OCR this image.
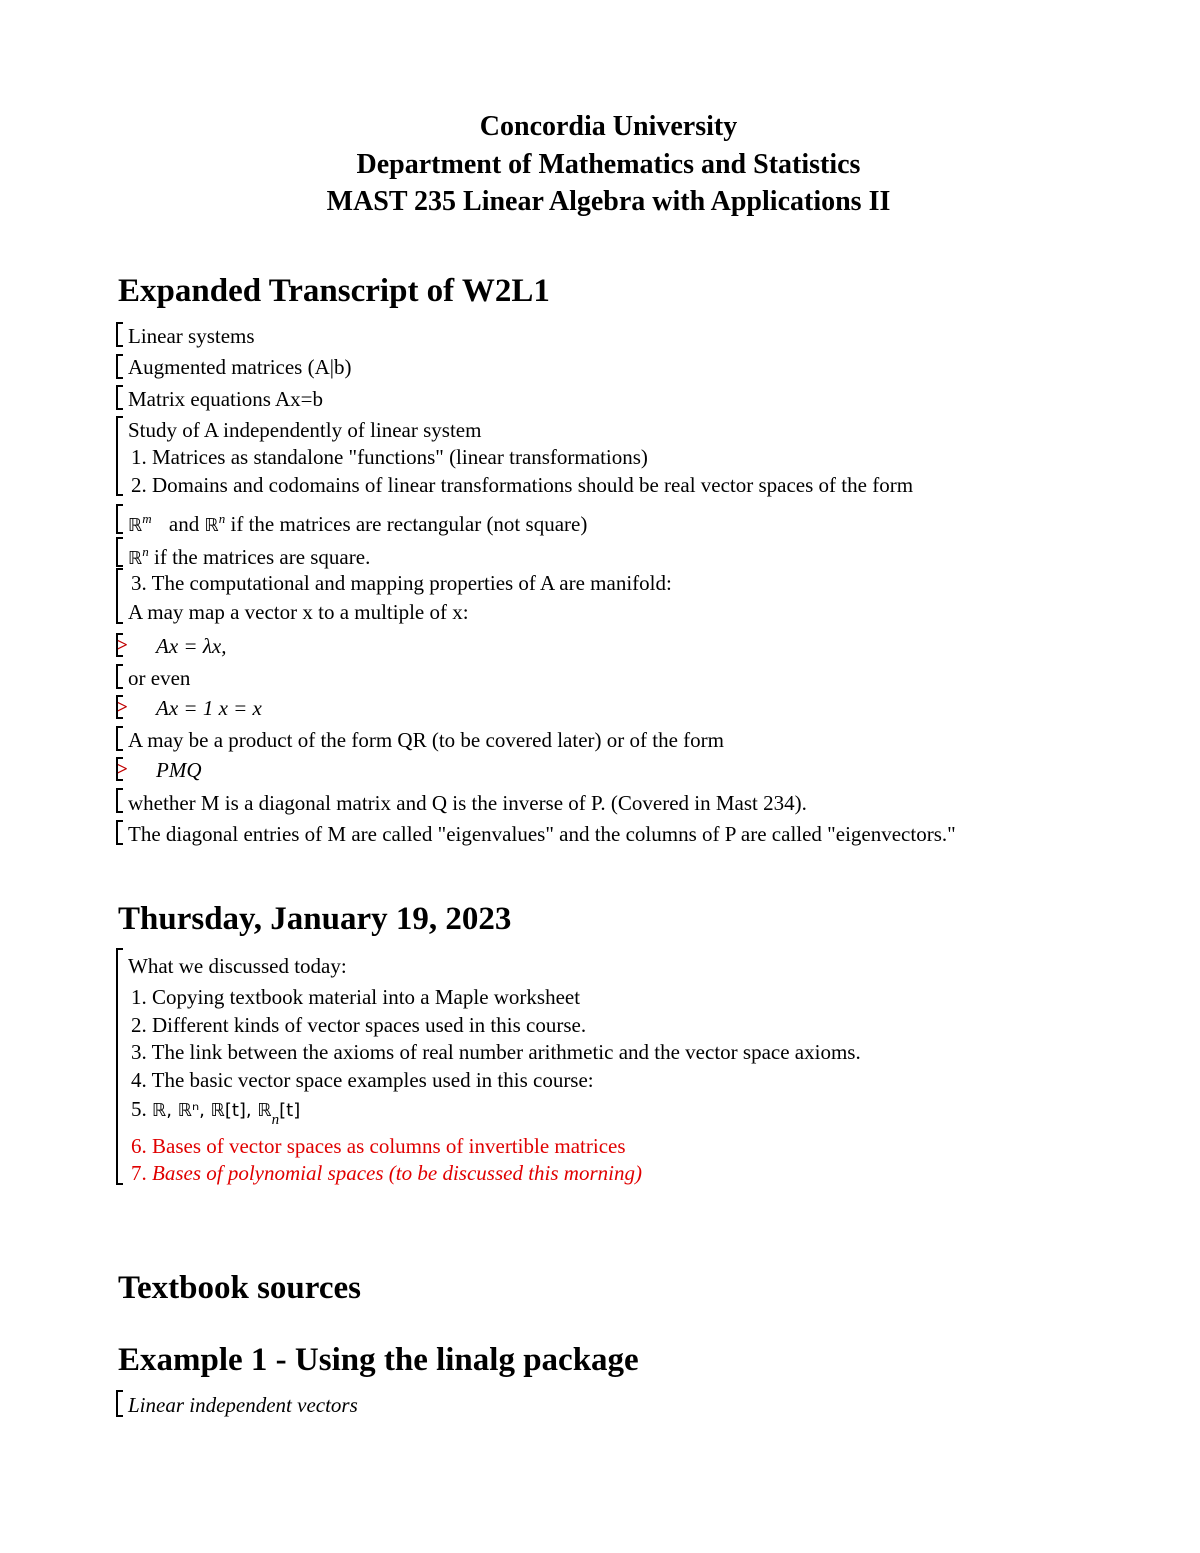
Concordia University
Department of Mathematics and Statistics
MAST 235 Linear Algebra with Applications II
Expanded Transcript of W2L1
Linear systems
Augmented matrices (A|b)
Matrix equations Ax=b
Study of A independently of linear system
1. Matrices as standalone "functions" (linear transformations)
2. Domains and codomains of linear transformations should be real vector spaces of the form
ℝ$^m$ and ℝ$^n$ if the matrices are rectangular (not square)
ℝ$^n$ if the matrices are square.
3. The computational and mapping properties of A are manifold:
A may map a vector x to a multiple of x:
> Ax = λx,
or even
> Ax = 1 x = x
A may be a product of the form QR (to be covered later) or of the form
> PMQ
whether M is a diagonal matrix and Q is the inverse of P. (Covered in Mast 234).
The diagonal entries of M are called "eigenvalues" and the columns of P are called "eigenvectors."
Thursday, January 19, 2023
What we discussed today:
1. Copying textbook material into a Maple worksheet
2. Different kinds of vector spaces used in this course.
3. The link between the axioms of real number arithmetic and the vector space axioms.
4. The basic vector space examples used in this course:
5. ℝ, ℝⁿ, ℝ[t], ℝ$_n$[t]
6. Bases of vector spaces as columns of invertible matrices
7. Bases of polynomial spaces (to be discussed this morning)
Textbook sources
Example 1 - Using the linalg package
Linear independent vectors
